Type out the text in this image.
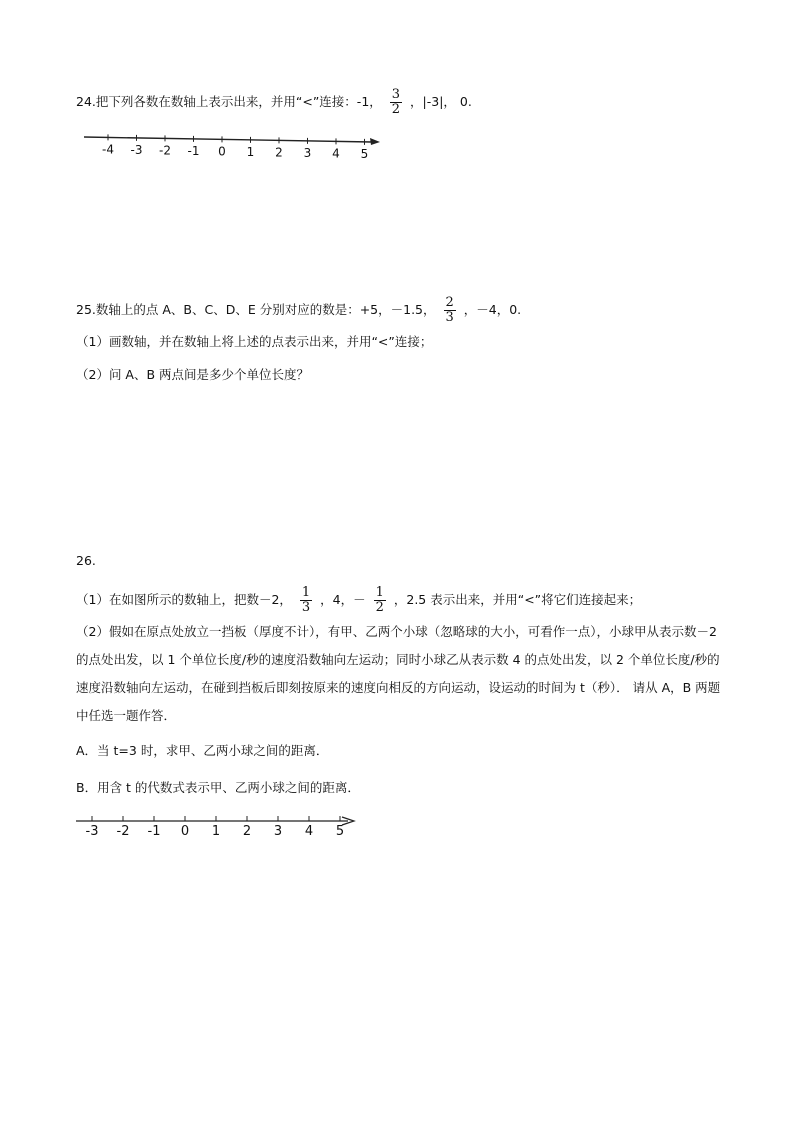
24.把下列各数在数轴上表示出来，并用“<”连接：-1， $\frac{3}{2}$ ，|-3|， 0.
-4 -3 -2 -1 0 1 2 3 4 5
25.数轴上的点 A、B、C、D、E 分别对应的数是：+5，－1.5， $\frac{2}{3}$ ，－4，0.
（1）画数轴，并在数轴上将上述的点表示出来，并用“<”连接；
（2）问 A、B 两点间是多少个单位长度？
26.
（1）在如图所示的数轴上，把数－2， $\frac{1}{3}$ ，4，－ $\frac{1}{2}$ ，2.5 表示出来，并用“<”将它们连接起来；
（2）假如在原点处放立一挡板（厚度不计），有甲、乙两个小球（忽略球的大小，可看作一点），小球甲从表示数－2 的点处出发，以 1 个单位长度/秒的速度沿数轴向左运动；同时小球乙从表示数 4 的点处出发，以 2 个单位长度/秒的速度沿数轴向左运动，在碰到挡板后即刻按原来的速度向相反的方向运动，设运动的时间为 t（秒）． 请从 A，B 两题中任选一题作答．
A．当 t=3 时，求甲、乙两小球之间的距离．
B．用含 t 的代数式表示甲、乙两小球之间的距离．
-3 -2 -1 0 1 2 3 4 5
